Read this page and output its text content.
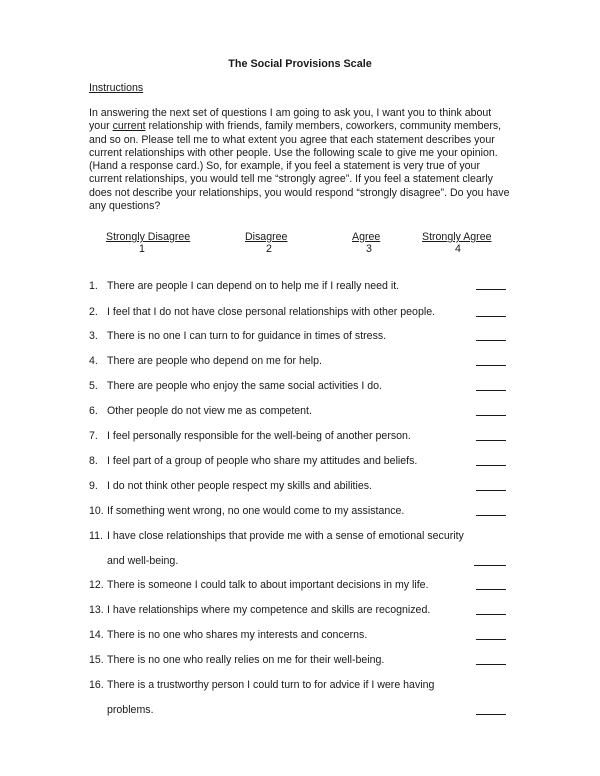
The Social Provisions Scale
Instructions

In answering the next set of questions I am going to ask you, I want you to think about your current relationship with friends, family members, coworkers, community members, and so on. Please tell me to what extent you agree that each statement describes your current relationships with other people. Use the following scale to give me your opinion. (Hand a response card.) So, for example, if you feel a statement is very true of your current relationships, you would tell me “strongly agree”. If you feel a statement clearly does not describe your relationships, you would respond “strongly disagree”. Do you have any questions?

Strongly Disagree
1
Disagree
2
Agree
3
Strongly Agree
4
1. There are people I can depend on to help me if I really need it.
2. I feel that I do not have close personal relationships with other people.
3. There is no one I can turn to for guidance in times of stress.
4. There are people who depend on me for help.
5. There are people who enjoy the same social activities I do.
6. Other people do not view me as competent.
7. I feel personally responsible for the well-being of another person.
8. I feel part of a group of people who share my attitudes and beliefs.
9. I do not think other people respect my skills and abilities.
10. If something went wrong, no one would come to my assistance.
11. I have close relationships that provide me with a sense of emotional security
and well-being.
12. There is someone I could talk to about important decisions in my life.
13. I have relationships where my competence and skills are recognized.
14. There is no one who shares my interests and concerns.
15. There is no one who really relies on me for their well-being.
16. There is a trustworthy person I could turn to for advice if I were having
problems.
